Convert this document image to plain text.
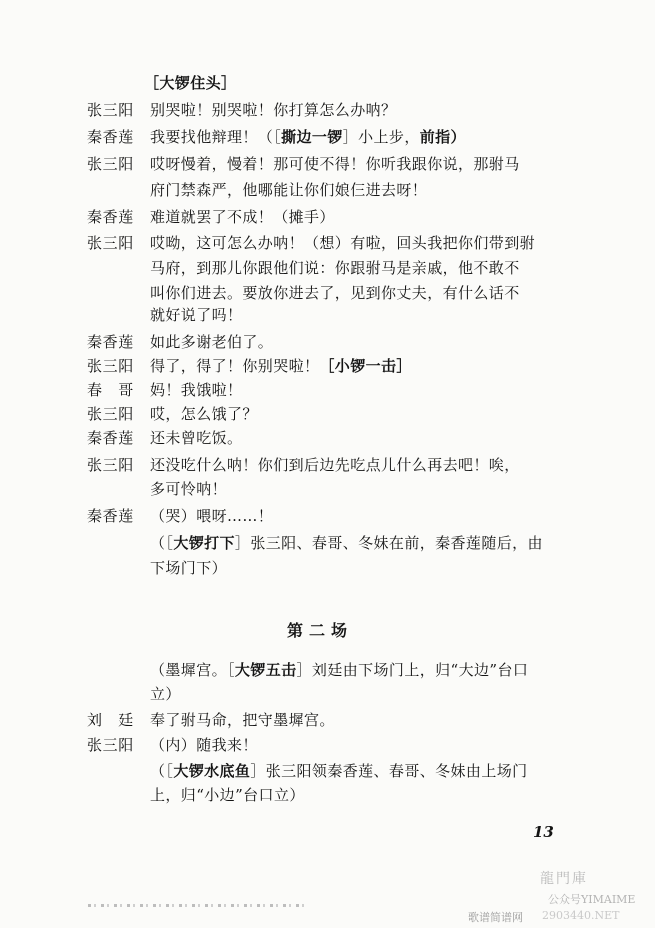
［大锣住头］
张三阳 别哭啦！别哭啦！你打算怎么办呐？
秦香莲 我要找他辩理！（［撕边一锣］小上步，前指）
张三阳 哎呀慢着，慢着！那可使不得！你听我跟你说，那驸马
府门禁森严，他哪能让你们娘仨进去呀！
秦香莲 难道就罢了不成！（摊手）
张三阳 哎呦，这可怎么办呐！（想）有啦，回头我把你们带到驸
马府，到那儿你跟他们说：你跟驸马是亲戚，他不敢不
叫你们进去。要放你进去了，见到你丈夫，有什么话不
就好说了吗！
秦香莲 如此多谢老伯了。
张三阳 得了，得了！你别哭啦！［小锣一击］
春　哥 妈！我饿啦！
张三阳 哎，怎么饿了？
秦香莲 还未曾吃饭。
张三阳 还没吃什么呐！你们到后边先吃点儿什么再去吧！唉，
多可怜呐！
秦香莲 （哭）喂呀……！
（［大锣打下］张三阳、春哥、冬妹在前，秦香莲随后，由
下场门下）
第二场
（墨墀宫。［大锣五击］刘廷由下场门上，归“大边”台口
立）
刘　廷 奉了驸马命，把守墨墀宫。
张三阳 （内）随我来！
（［大锣水底鱼］张三阳领秦香莲、春哥、冬妹由上场门
上，归“小边”台口立）
13
龍門庫
公众号YIMAIME
歌谱简谱网 2903440.NET
